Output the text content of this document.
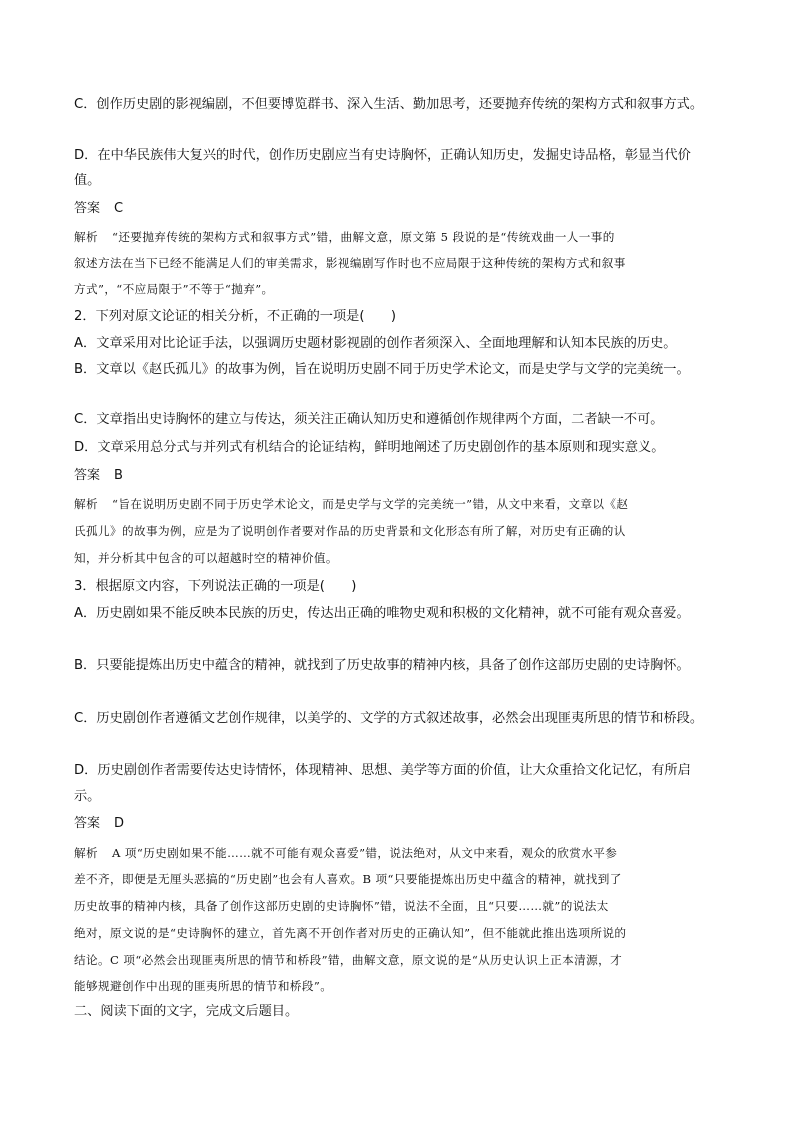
C．创作历史剧的影视编剧，不但要博览群书、深入生活、勤加思考，还要抛弃传统的架构方式和叙事方式。
D．在中华民族伟大复兴的时代，创作历史剧应当有史诗胸怀，正确认知历史，发掘史诗品格，彰显当代价
值。
答案 C
解析 “还要抛弃传统的架构方式和叙事方式”错，曲解文意，原文第 5 段说的是“传统戏曲一人一事的
叙述方法在当下已经不能满足人们的审美需求，影视编剧写作时也不应局限于这种传统的架构方式和叙事
方式”，“不应局限于”不等于“抛弃”。
2．下列对原文论证的相关分析，不正确的一项是(　　)
A．文章采用对比论证手法，以强调历史题材影视剧的创作者须深入、全面地理解和认知本民族的历史。
B．文章以《赵氏孤儿》的故事为例，旨在说明历史剧不同于历史学术论文，而是史学与文学的完美统一。
C．文章指出史诗胸怀的建立与传达，须关注正确认知历史和遵循创作规律两个方面，二者缺一不可。
D．文章采用总分式与并列式有机结合的论证结构，鲜明地阐述了历史剧创作的基本原则和现实意义。
答案 B
解析 “旨在说明历史剧不同于历史学术论文，而是史学与文学的完美统一”错，从文中来看，文章以《赵
氏孤儿》的故事为例，应是为了说明创作者要对作品的历史背景和文化形态有所了解，对历史有正确的认
知，并分析其中包含的可以超越时空的精神价值。
3．根据原文内容，下列说法正确的一项是(　　)
A．历史剧如果不能反映本民族的历史，传达出正确的唯物史观和积极的文化精神，就不可能有观众喜爱。
B．只要能提炼出历史中蕴含的精神，就找到了历史故事的精神内核，具备了创作这部历史剧的史诗胸怀。
C．历史剧创作者遵循文艺创作规律，以美学的、文学的方式叙述故事，必然会出现匪夷所思的情节和桥段。
D．历史剧创作者需要传达史诗情怀，体现精神、思想、美学等方面的价值，让大众重拾文化记忆，有所启
示。
答案 D
解析 A 项“历史剧如果不能……就不可能有观众喜爱”错，说法绝对，从文中来看，观众的欣赏水平参
差不齐，即便是无厘头恶搞的“历史剧”也会有人喜欢。B 项“只要能提炼出历史中蕴含的精神，就找到了
历史故事的精神内核，具备了创作这部历史剧的史诗胸怀”错，说法不全面，且“只要……就”的说法太
绝对，原文说的是“史诗胸怀的建立，首先离不开创作者对历史的正确认知”，但不能就此推出选项所说的
结论。C 项“必然会出现匪夷所思的情节和桥段”错，曲解文意，原文说的是“从历史认识上正本清源，才
能够规避创作中出现的匪夷所思的情节和桥段”。
二、阅读下面的文字，完成文后题目。
